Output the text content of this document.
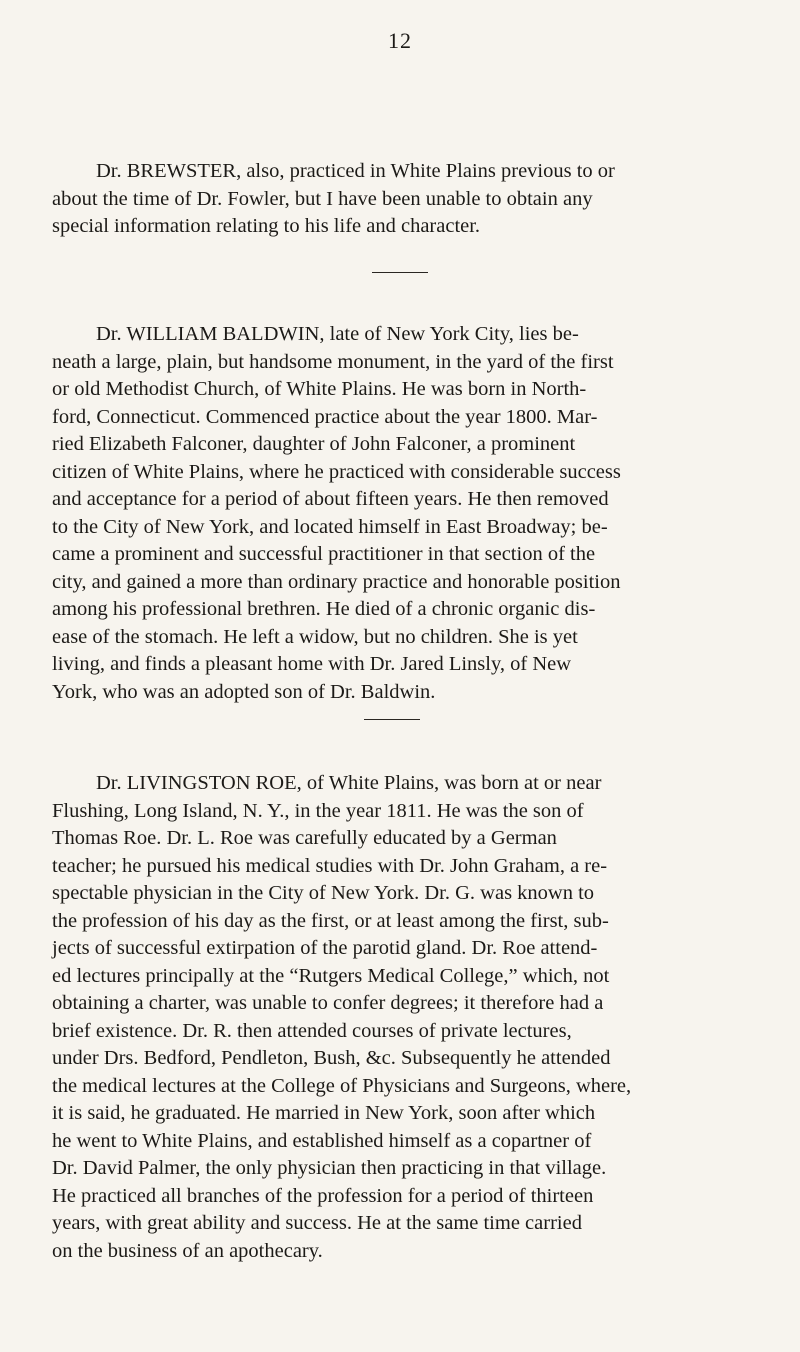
12

Dr. BREWSTER, also, practiced in White Plains previous to or
about the time of Dr. Fowler, but I have been unable to obtain any
special information relating to his life and character.

Dr. WILLIAM BALDWIN, late of New York City, lies be-
neath a large, plain, but handsome monument, in the yard of the first
or old Methodist Church, of White Plains. He was born in North-
ford, Connecticut. Commenced practice about the year 1800. Mar-
ried Elizabeth Falconer, daughter of John Falconer, a prominent
citizen of White Plains, where he practiced with considerable success
and acceptance for a period of about fifteen years. He then removed
to the City of New York, and located himself in East Broadway; be-
came a prominent and successful practitioner in that section of the
city, and gained a more than ordinary practice and honorable position
among his professional brethren. He died of a chronic organic dis-
ease of the stomach. He left a widow, but no children. She is yet
living, and finds a pleasant home with Dr. Jared Linsly, of New
York, who was an adopted son of Dr. Baldwin.

Dr. LIVINGSTON ROE, of White Plains, was born at or near
Flushing, Long Island, N. Y., in the year 1811. He was the son of
Thomas Roe. Dr. L. Roe was carefully educated by a German
teacher; he pursued his medical studies with Dr. John Graham, a re-
spectable physician in the City of New York. Dr. G. was known to
the profession of his day as the first, or at least among the first, sub-
jects of successful extirpation of the parotid gland. Dr. Roe attend-
ed lectures principally at the “Rutgers Medical College,” which, not
obtaining a charter, was unable to confer degrees; it therefore had a
brief existence. Dr. R. then attended courses of private lectures,
under Drs. Bedford, Pendleton, Bush, &c. Subsequently he attended
the medical lectures at the College of Physicians and Surgeons, where,
it is said, he graduated. He married in New York, soon after which
he went to White Plains, and established himself as a copartner of
Dr. David Palmer, the only physician then practicing in that village.
He practiced all branches of the profession for a period of thirteen
years, with great ability and success. He at the same time carried
on the business of an apothecary.
